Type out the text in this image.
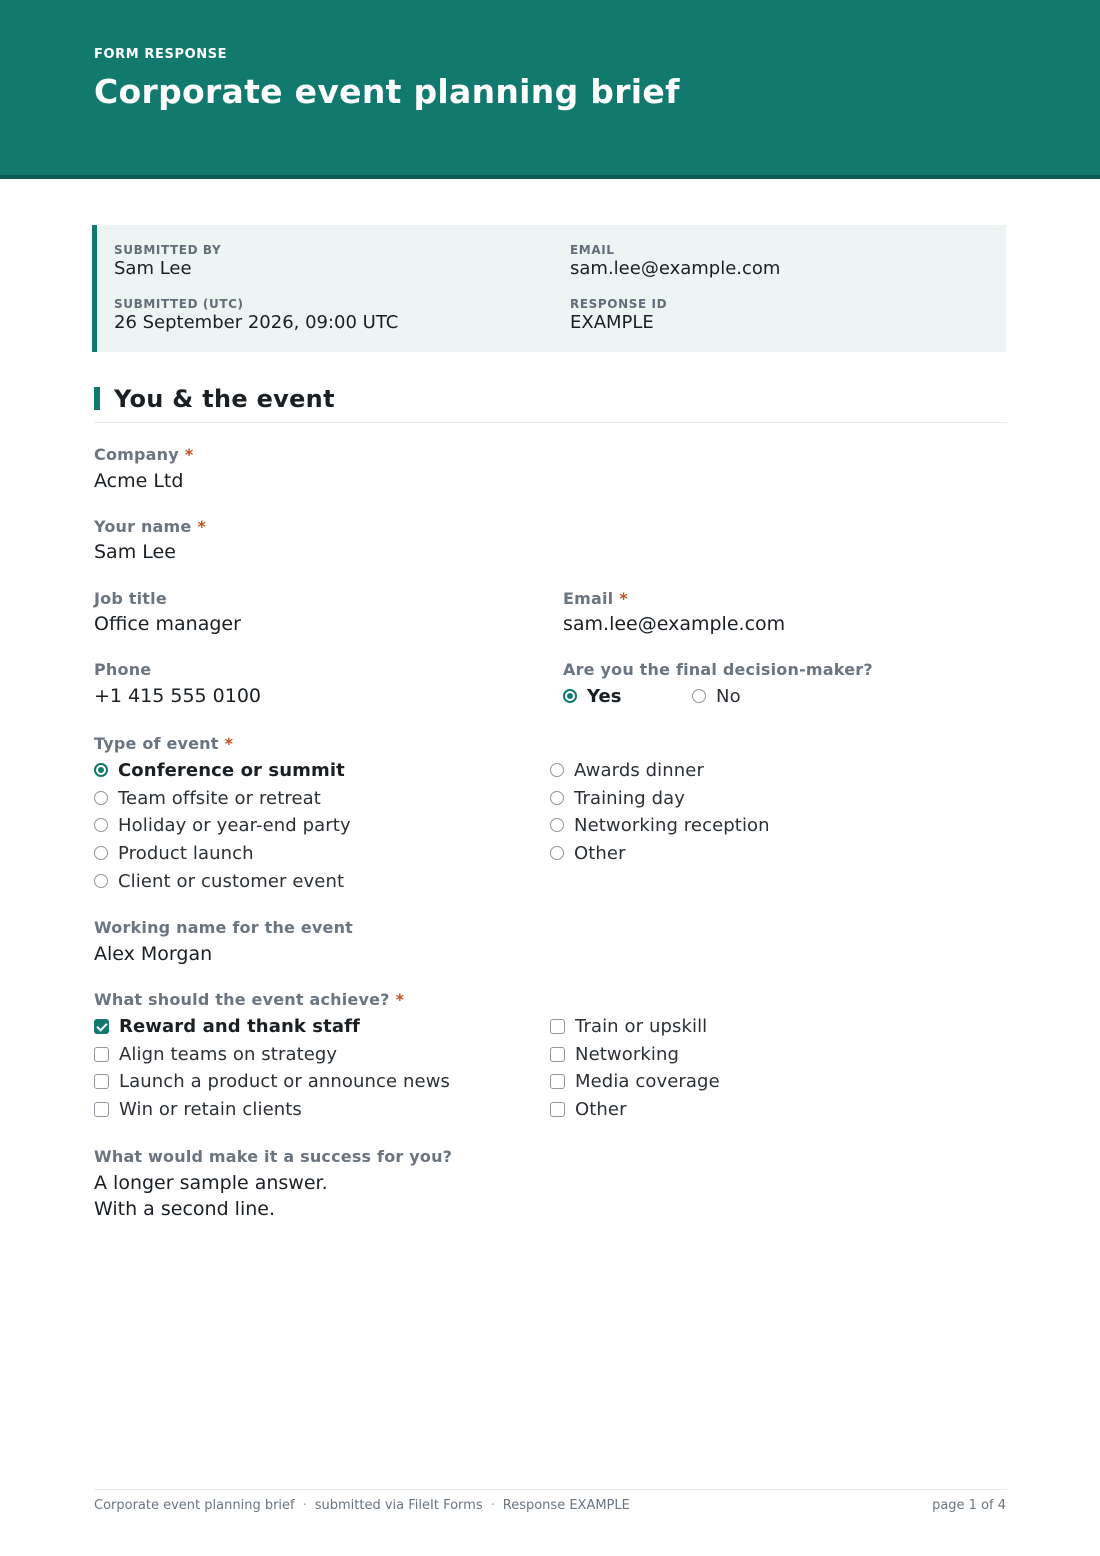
FORM RESPONSE
Corporate event planning brief
SUBMITTED BY
Sam Lee
EMAIL
sam.lee@example.com
SUBMITTED (UTC)
26 September 2026, 09:00 UTC
RESPONSE ID
EXAMPLE
You & the event
Company *
Acme Ltd
Your name *
Sam Lee
Job title
Office manager
Email *
sam.lee@example.com
Phone
+1 415 555 0100
Are you the final decision-maker?
Yes	No
Type of event *
Conference or summit
Team offsite or retreat
Holiday or year-end party
Product launch
Client or customer event
Awards dinner
Training day
Networking reception
Other
Working name for the event
Alex Morgan
What should the event achieve? *
Reward and thank staff
Align teams on strategy
Launch a product or announce news
Win or retain clients
Train or upskill
Networking
Media coverage
Other
What would make it a success for you?
A longer sample answer.
With a second line.
Corporate event planning brief · submitted via FileIt Forms · Response EXAMPLE	page 1 of 4
